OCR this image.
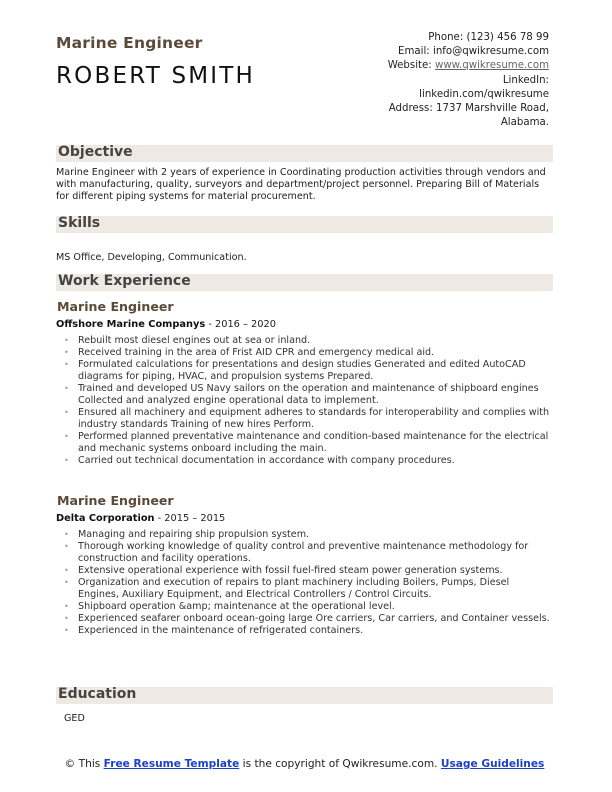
Marine Engineer
ROBERT SMITH
Phone: (123) 456 78 99
Email: info@qwikresume.com
Website: www.qwikresume.com
LinkedIn:
linkedin.com/qwikresume
Address: 1737 Marshville Road,
Alabama.
Objective
Marine Engineer with 2 years of experience in Coordinating production activities through vendors and with manufacturing, quality, surveyors and department/project personnel. Preparing Bill of Materials for different piping systems for material procurement.
Skills
MS Office, Developing, Communication.
Work Experience
Marine Engineer
Offshore Marine Companys - 2016 – 2020
• Rebuilt most diesel engines out at sea or inland.
• Received training in the area of Frist AID CPR and emergency medical aid.
• Formulated calculations for presentations and design studies Generated and edited AutoCAD diagrams for piping, HVAC, and propulsion systems Prepared.
• Trained and developed US Navy sailors on the operation and maintenance of shipboard engines Collected and analyzed engine operational data to implement.
• Ensured all machinery and equipment adheres to standards for interoperability and complies with industry standards Training of new hires Perform.
• Performed planned preventative maintenance and condition-based maintenance for the electrical and mechanic systems onboard including the main.
• Carried out technical documentation in accordance with company procedures.
Marine Engineer
Delta Corporation - 2015 – 2015
• Managing and repairing ship propulsion system.
• Thorough working knowledge of quality control and preventive maintenance methodology for construction and facility operations.
• Extensive operational experience with fossil fuel-fired steam power generation systems.
• Organization and execution of repairs to plant machinery including Boilers, Pumps, Diesel Engines, Auxiliary Equipment, and Electrical Controllers / Control Circuits.
• Shipboard operation &amp; maintenance at the operational level.
• Experienced seafarer onboard ocean-going large Ore carriers, Car carriers, and Container vessels.
• Experienced in the maintenance of refrigerated containers.
Education
GED
© This Free Resume Template is the copyright of Qwikresume.com. Usage Guidelines
